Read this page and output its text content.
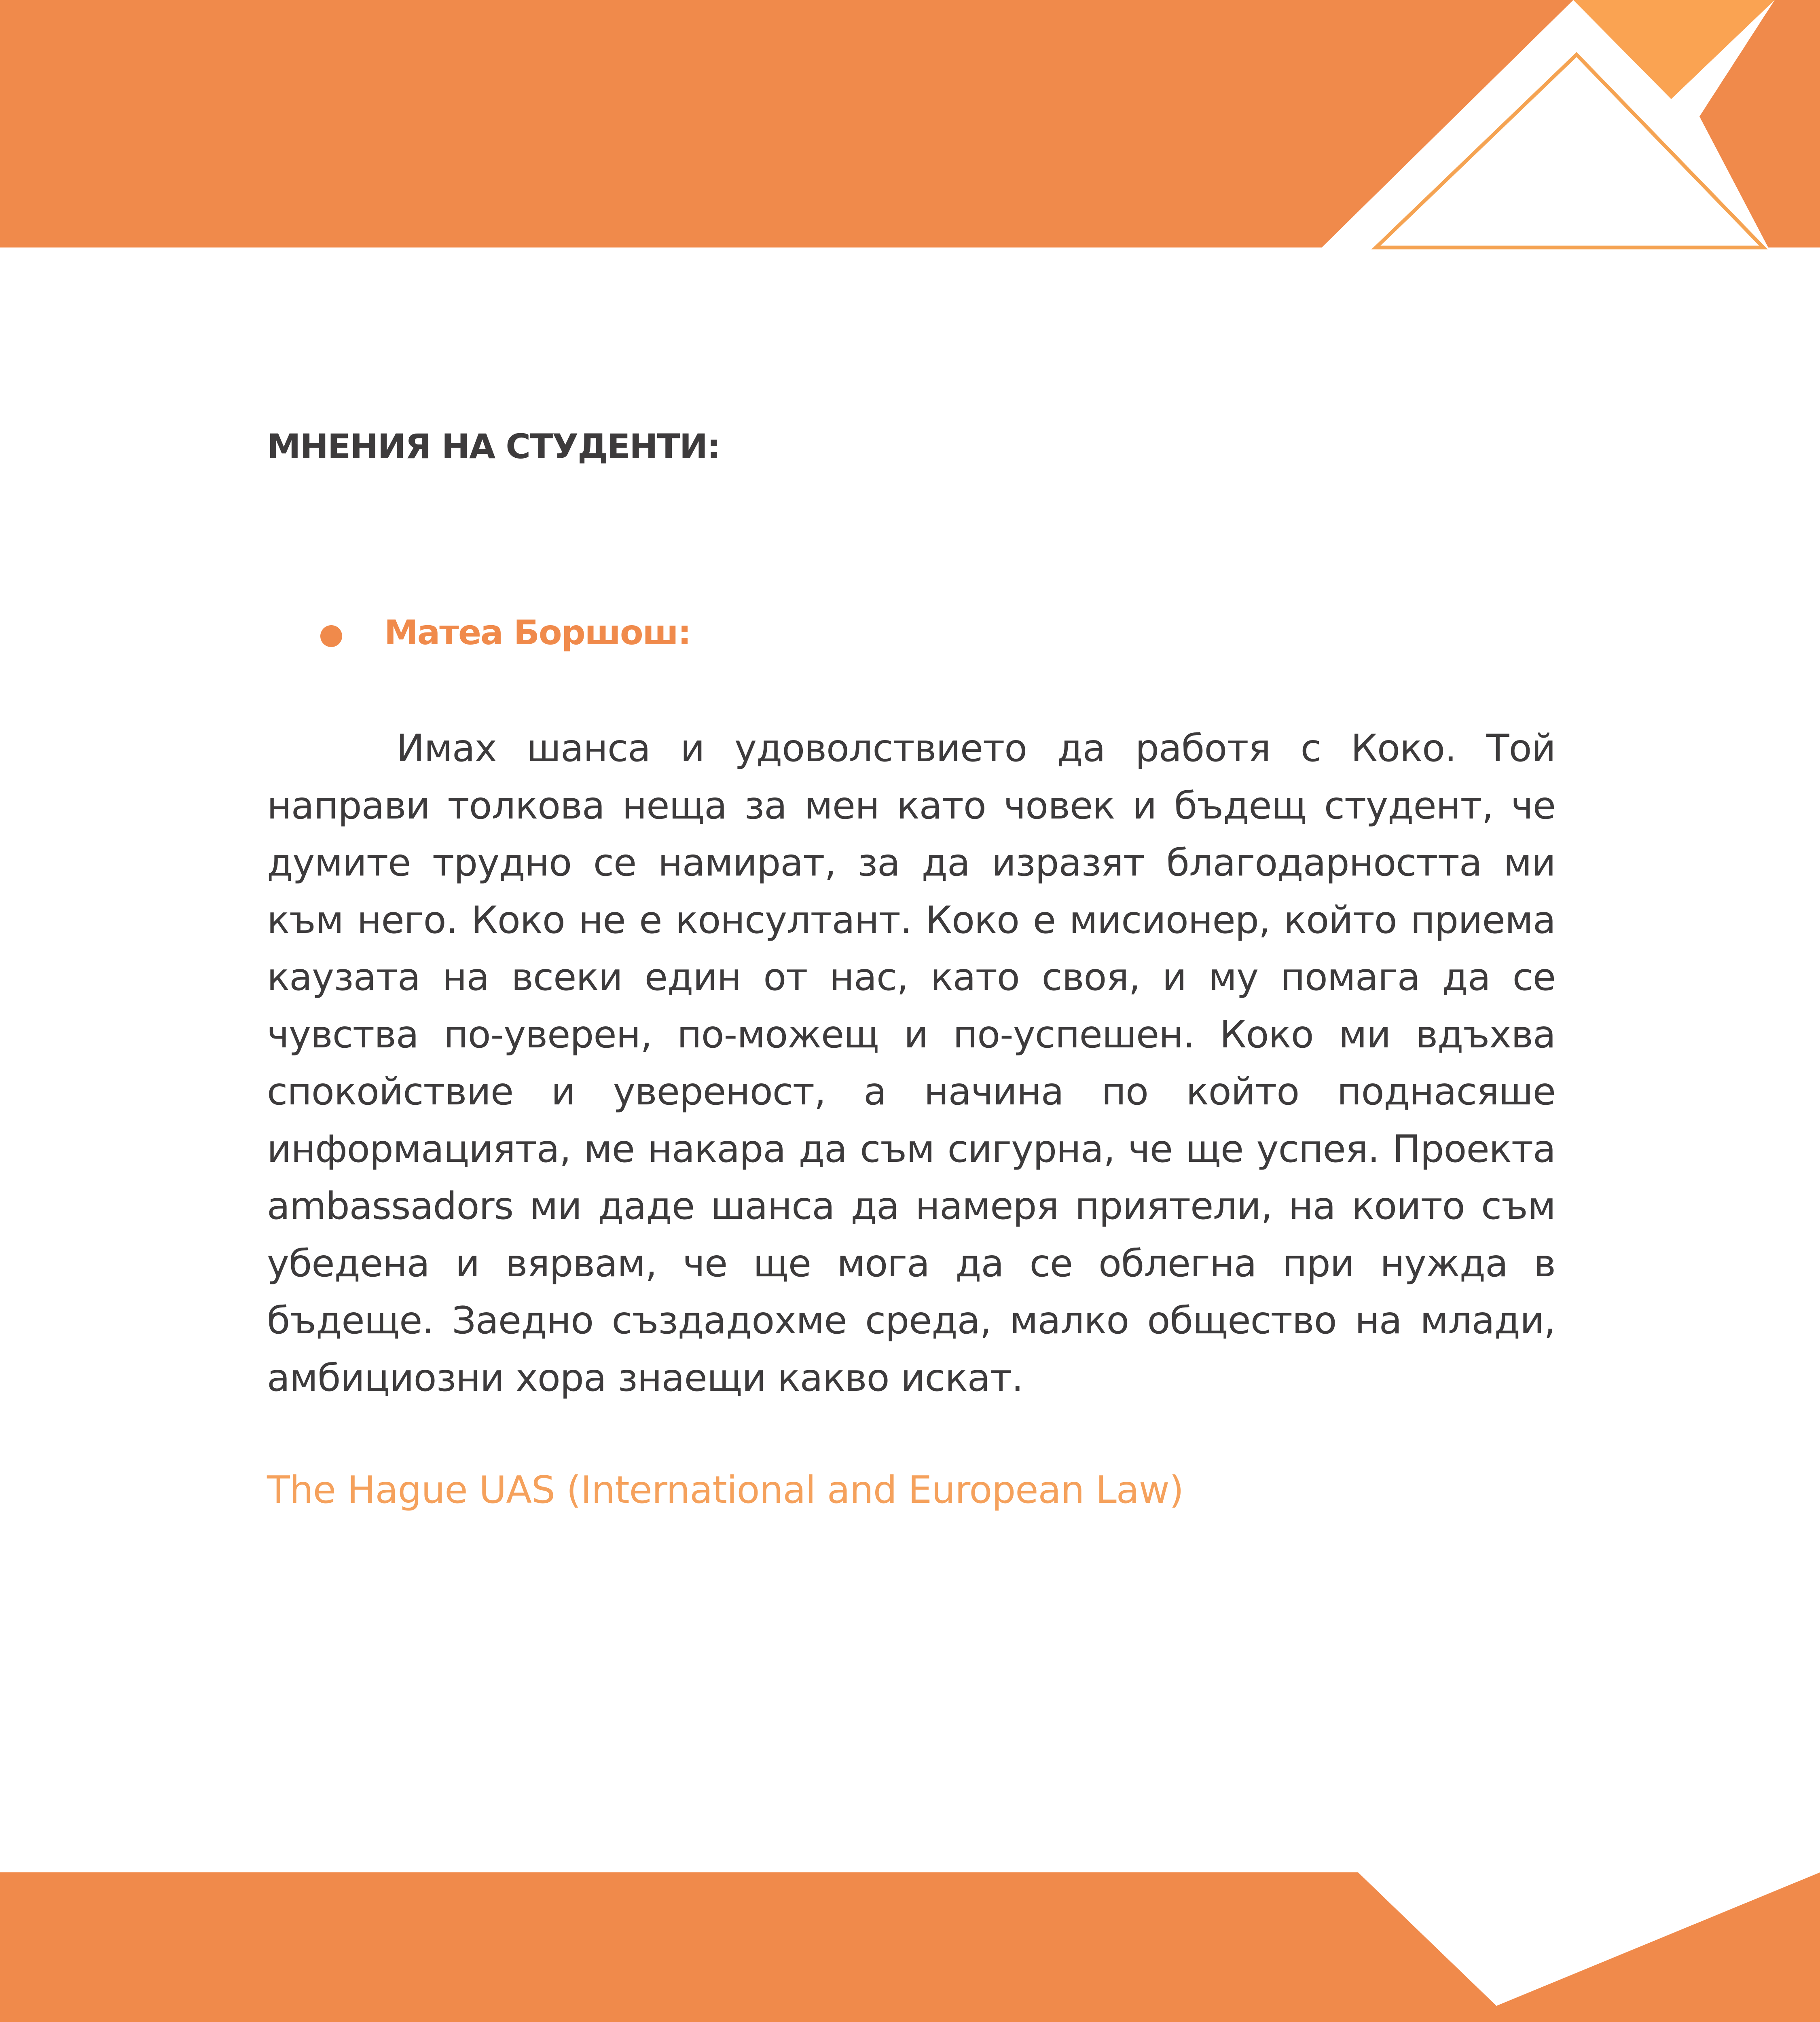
МНЕНИЯ НА СТУДЕНТИ:
Матеа Боршош:

Имах шанса и удоволствието да работя с Коко. Той направи толкова неща за мен като човек и бъдещ студент, че думите трудно се намират, за да изразят благодарността ми към него. Коко не е консултант. Коко е мисионер, който приема каузата на всеки един от нас, като своя, и му помага да се чувства по-уверен, по-можещ и по-успешен. Коко ми вдъхва спокойствие и увереност, а начина по който поднасяше информацията, ме накара да съм сигурна, че ще успея. Проекта ambassadors ми даде шанса да намеря приятели, на които съм убедена и вярвам, че ще мога да се облегна при нужда в бъдеще. Заедно създадохме среда, малко общество на млади, амбициозни хора знаещи какво искат.

The Hague UAS (International and European Law)
